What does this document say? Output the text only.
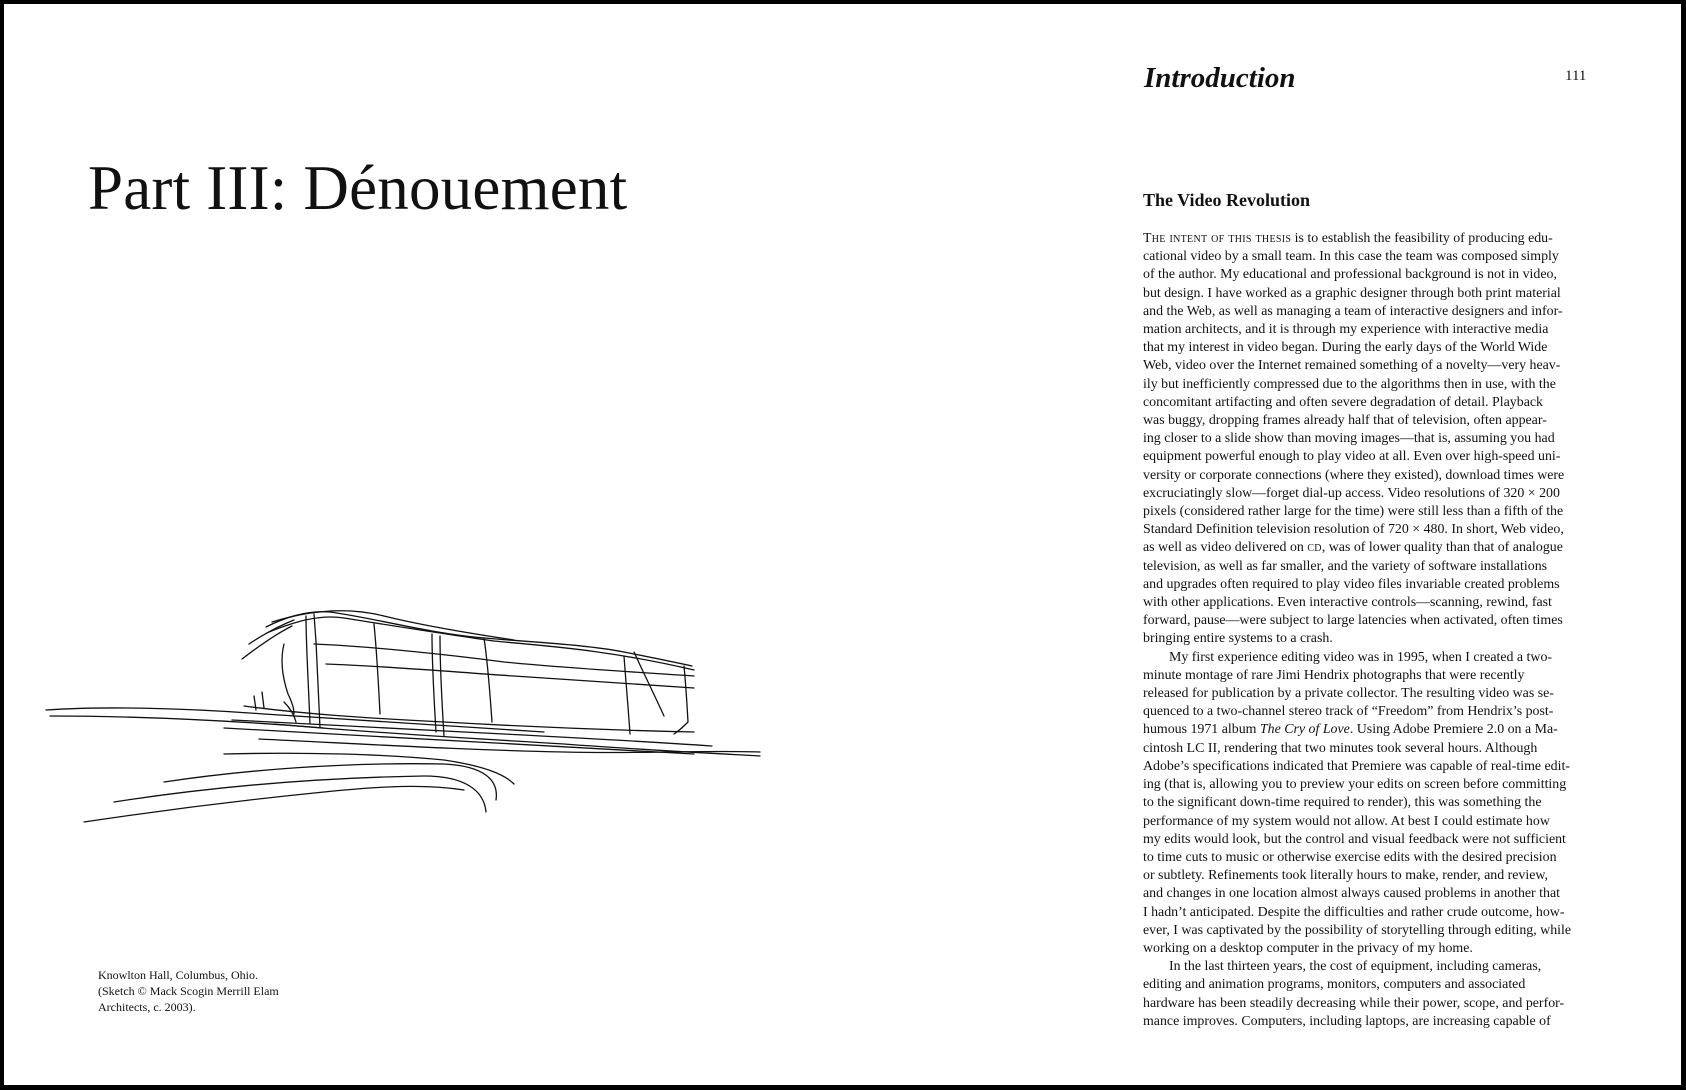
Part III: Dénouement
Knowlton Hall, Columbus, Ohio.
(Sketch © Mack Scogin Merrill Elam
Architects, c. 2003).
Introduction	111
The Video Revolution
The intent of this thesis is to establish the feasibility of producing edu-
cational video by a small team. In this case the team was composed simply
of the author. My educational and professional background is not in video,
but design. I have worked as a graphic designer through both print material
and the Web, as well as managing a team of interactive designers and infor-
mation architects, and it is through my experience with interactive media
that my interest in video began. During the early days of the World Wide
Web, video over the Internet remained something of a novelty—very heav-
ily but inefficiently compressed due to the algorithms then in use, with the
concomitant artifacting and often severe degradation of detail. Playback
was buggy, dropping frames already half that of television, often appear-
ing closer to a slide show than moving images—that is, assuming you had
equipment powerful enough to play video at all. Even over high-speed uni-
versity or corporate connections (where they existed), download times were
excruciatingly slow—forget dial-up access. Video resolutions of 320 × 200
pixels (considered rather large for the time) were still less than a fifth of the
Standard Definition television resolution of 720 × 480. In short, Web video,
as well as video delivered on cd, was of lower quality than that of analogue
television, as well as far smaller, and the variety of software installations
and upgrades often required to play video files invariable created problems
with other applications. Even interactive controls—scanning, rewind, fast
forward, pause—were subject to large latencies when activated, often times
bringing entire systems to a crash.
My first experience editing video was in 1995, when I created a two-
minute montage of rare Jimi Hendrix photographs that were recently
released for publication by a private collector. The resulting video was se-
quenced to a two-channel stereo track of “Freedom” from Hendrix’s post-
humous 1971 album The Cry of Love. Using Adobe Premiere 2.0 on a Ma-
cintosh LC II, rendering that two minutes took several hours. Although
Adobe’s specifications indicated that Premiere was capable of real-time edit-
ing (that is, allowing you to preview your edits on screen before committing
to the significant down-time required to render), this was something the
performance of my system would not allow. At best I could estimate how
my edits would look, but the control and visual feedback were not sufficient
to time cuts to music or otherwise exercise edits with the desired precision
or subtlety. Refinements took literally hours to make, render, and review,
and changes in one location almost always caused problems in another that
I hadn’t anticipated. Despite the difficulties and rather crude outcome, how-
ever, I was captivated by the possibility of storytelling through editing, while
working on a desktop computer in the privacy of my home.
In the last thirteen years, the cost of equipment, including cameras,
editing and animation programs, monitors, computers and associated
hardware has been steadily decreasing while their power, scope, and perfor-
mance improves. Computers, including laptops, are increasing capable of
